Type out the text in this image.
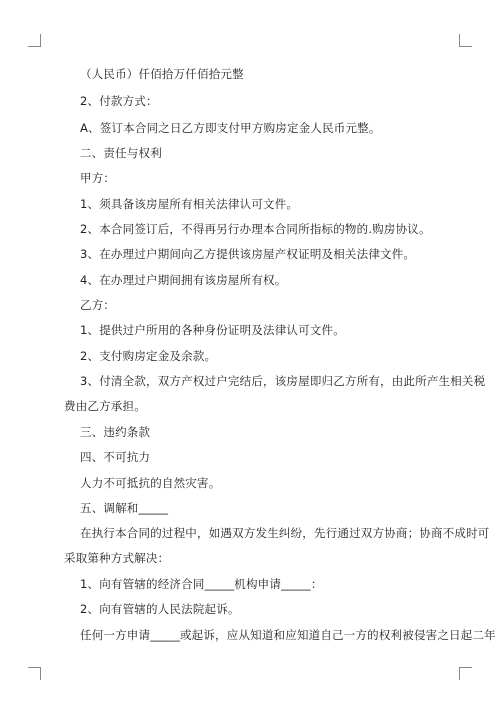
（人民币）仟佰拾万仟佰拾元整
2、付款方式：
A、签订本合同之日乙方即支付甲方购房定金人民币元整。
二、责任与权利
甲方：
1、须具备该房屋所有相关法律认可文件。
2、本合同签订后，不得再另行办理本合同所指标的物的.购房协议。
3、在办理过户期间向乙方提供该房屋产权证明及相关法律文件。
4、在办理过户期间拥有该房屋所有权。
乙方：
1、提供过户所用的各种身份证明及法律认可文件。
2、支付购房定金及余款。
3、付清全款，双方产权过户完结后，该房屋即归乙方所有，由此所产生相关税
费由乙方承担。
三、违约条款
四、不可抗力
人力不可抵抗的自然灾害。
五、调解和_____
在执行本合同的过程中，如遇双方发生纠纷，先行通过双方协商；协商不成时可
采取第种方式解决：
1、向有管辖的经济合同_____机构申请_____：
2、向有管辖的人民法院起诉。
任何一方申请_____或起诉，应从知道和应知道自己一方的权利被侵害之日起二年
